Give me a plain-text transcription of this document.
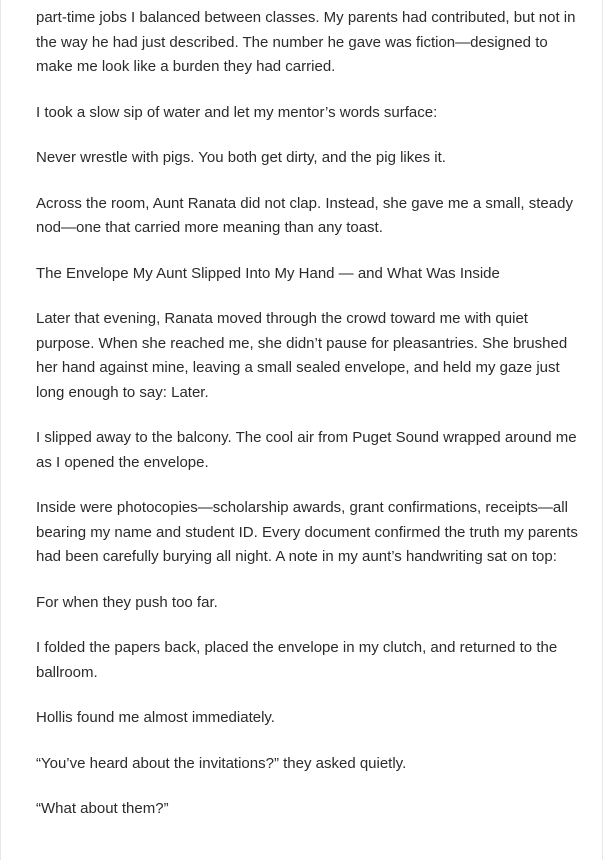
part-time jobs I balanced between classes. My parents had contributed, but not in the way he had just described. The number he gave was fiction—designed to make me look like a burden they had carried.

I took a slow sip of water and let my mentor’s words surface:

Never wrestle with pigs. You both get dirty, and the pig likes it.

Across the room, Aunt Ranata did not clap. Instead, she gave me a small, steady nod—one that carried more meaning than any toast.

The Envelope My Aunt Slipped Into My Hand — and What Was Inside

Later that evening, Ranata moved through the crowd toward me with quiet purpose. When she reached me, she didn’t pause for pleasantries. She brushed her hand against mine, leaving a small sealed envelope, and held my gaze just long enough to say: Later.

I slipped away to the balcony. The cool air from Puget Sound wrapped around me as I opened the envelope.

Inside were photocopies—scholarship awards, grant confirmations, receipts—all bearing my name and student ID. Every document confirmed the truth my parents had been carefully burying all night. A note in my aunt’s handwriting sat on top:

For when they push too far.

I folded the papers back, placed the envelope in my clutch, and returned to the ballroom.

Hollis found me almost immediately.

“You’ve heard about the invitations?” they asked quietly.

“What about them?”
